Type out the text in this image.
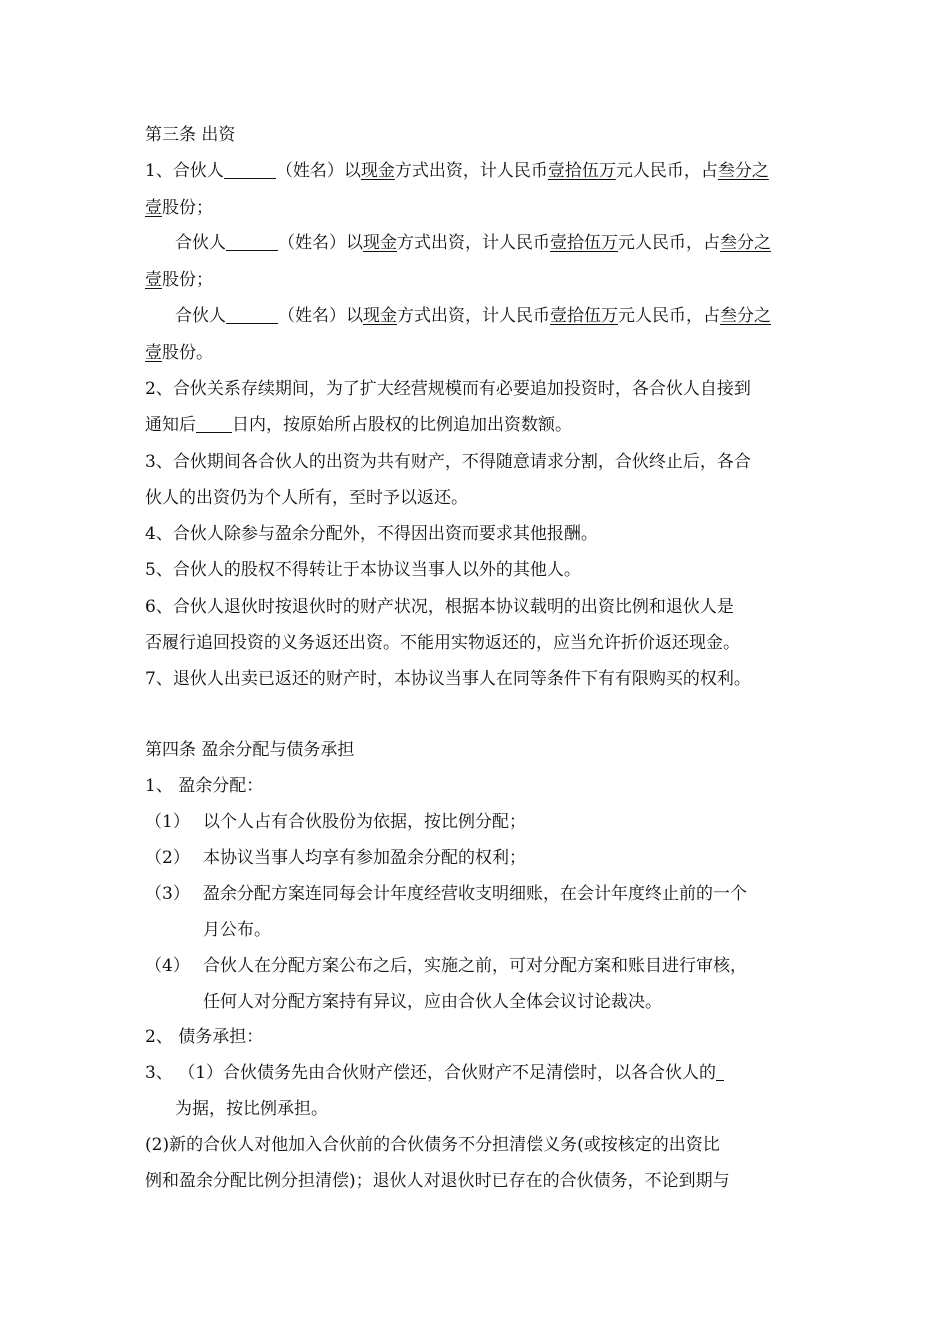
第三条 出资
1、合伙人	（姓名）以现金方式出资，计人民币壹拾伍万元人民币，占叁分之
壹股份；
合伙人	（姓名）以现金方式出资，计人民币壹拾伍万元人民币，占叁分之
壹股份；
合伙人	（姓名）以现金方式出资，计人民币壹拾伍万元人民币，占叁分之
壹股份。
2、合伙关系存续期间，为了扩大经营规模而有必要追加投资时，各合伙人自接到
通知后 日内，按原始所占股权的比例追加出资数额。
3、合伙期间各合伙人的出资为共有财产，不得随意请求分割，合伙终止后，各合
伙人的出资仍为个人所有，至时予以返还。
4、合伙人除参与盈余分配外，不得因出资而要求其他报酬。
5、合伙人的股权不得转让于本协议当事人以外的其他人。
6、合伙人退伙时按退伙时的财产状况，根据本协议载明的出资比例和退伙人是
否履行追回投资的义务返还出资。不能用实物返还的，应当允许折价返还现金。
7、退伙人出卖已返还的财产时，本协议当事人在同等条件下有有限购买的权利。
第四条 盈余分配与债务承担
1、 盈余分配：
（1） 以个人占有合伙股份为依据，按比例分配；
（2） 本协议当事人均享有参加盈余分配的权利；
（3） 盈余分配方案连同每会计年度经营收支明细账，在会计年度终止前的一个
月公布。
（4） 合伙人在分配方案公布之后，实施之前，可对分配方案和账目进行审核，
任何人对分配方案持有异议，应由合伙人全体会议讨论裁决。
2、 债务承担：
3、 （1）合伙债务先由合伙财产偿还，合伙财产不足清偿时，以各合伙人的
为据，按比例承担。
(2)新的合伙人对他加入合伙前的合伙债务不分担清偿义务(或按核定的出资比
例和盈余分配比例分担清偿)；退伙人对退伙时已存在的合伙债务，不论到期与
